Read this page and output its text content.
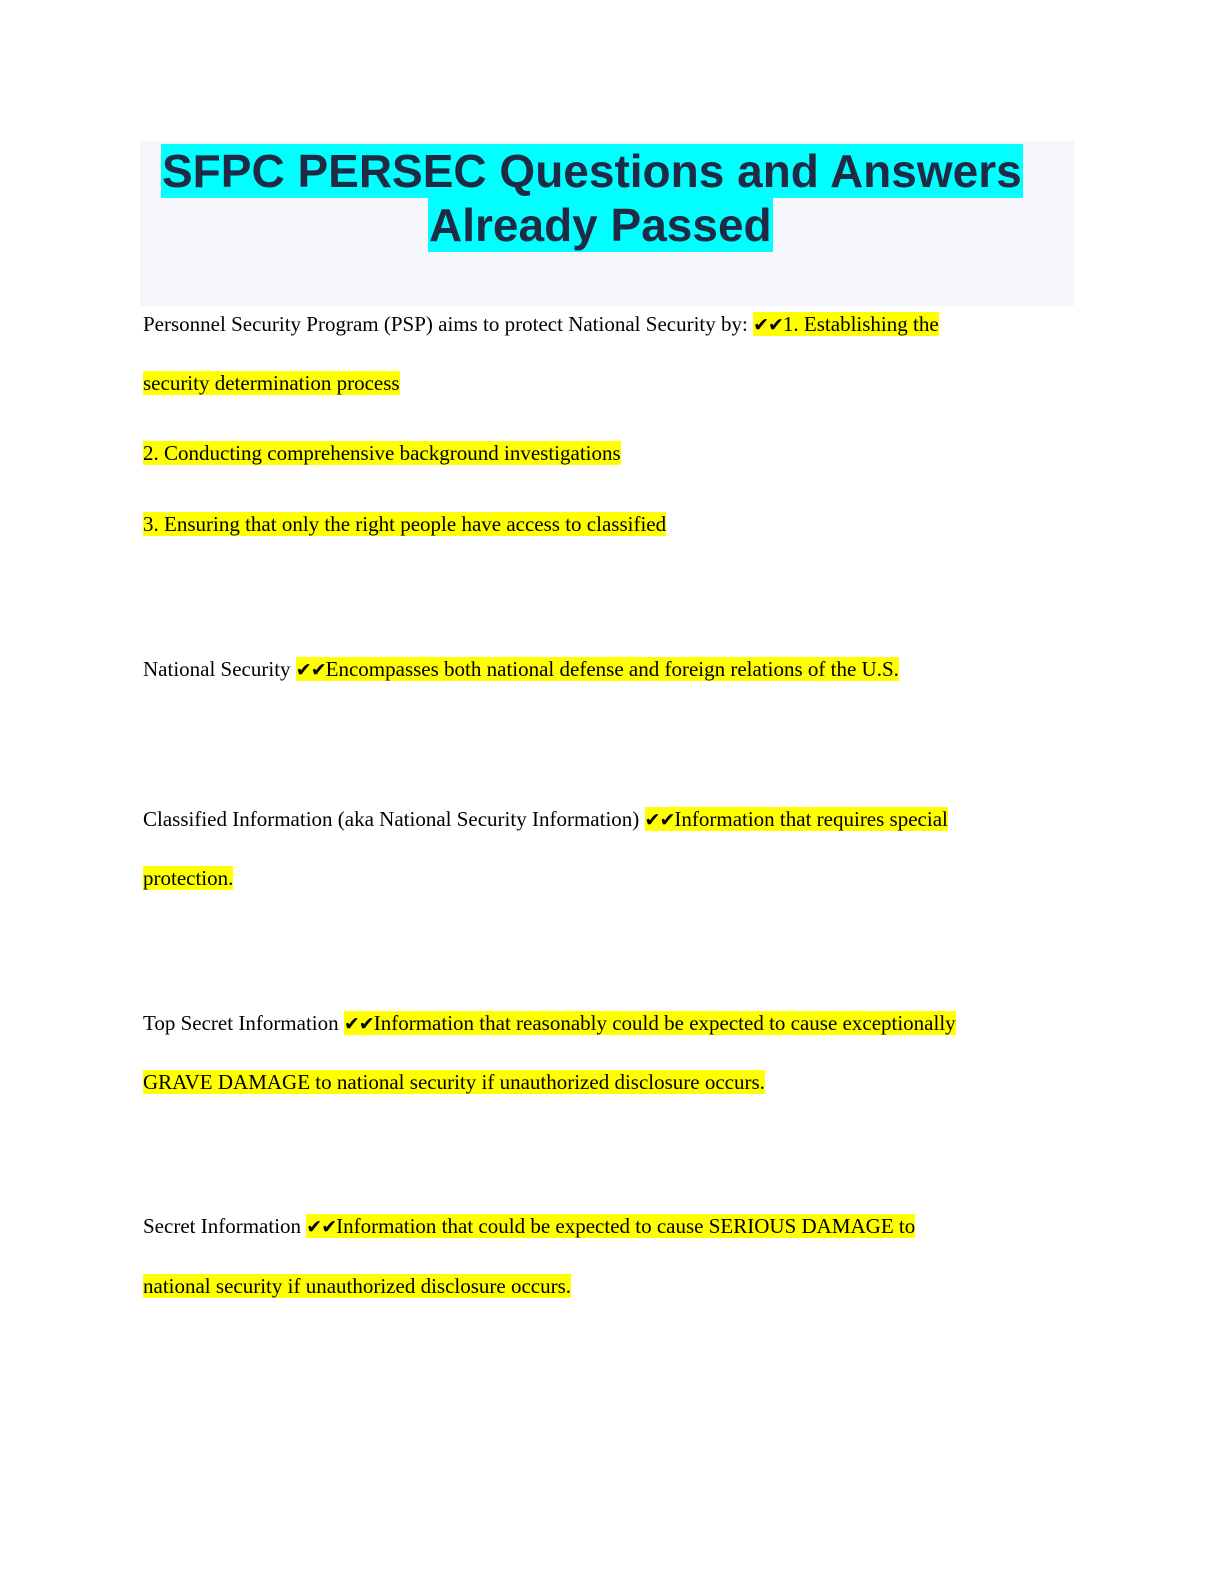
SFPC PERSEC Questions and Answers
Already Passed
Personnel Security Program (PSP) aims to protect National Security by: ✔✔1. Establishing the
security determination process
2. Conducting comprehensive background investigations
3. Ensuring that only the right people have access to classified
National Security ✔✔Encompasses both national defense and foreign relations of the U.S.
Classified Information (aka National Security Information) ✔✔Information that requires special
protection.
Top Secret Information ✔✔Information that reasonably could be expected to cause exceptionally
GRAVE DAMAGE to national security if unauthorized disclosure occurs.
Secret Information ✔✔Information that could be expected to cause SERIOUS DAMAGE to
national security if unauthorized disclosure occurs.
